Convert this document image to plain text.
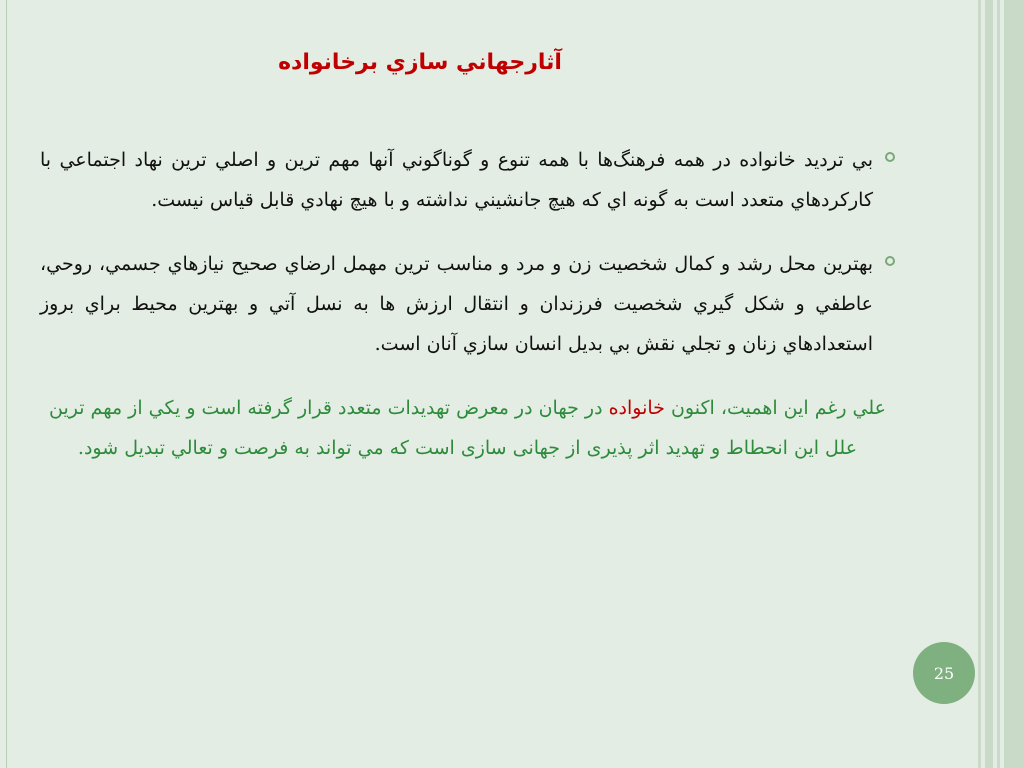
آثارجهاني سازي برخانواده

بي ترديد خانواده در همه فرهنگ‌ها با همه تنوع و گوناگوني آنها مهم ترين و اصلي ترين نهاد اجتماعي با كاركردهاي متعدد است به گونه اي كه هيچ جانشيني نداشته و با هيچ نهادي قابل قياس نيست.

بهترين محل رشد و كمال شخصيت زن و مرد و مناسب ترين مهمل ارضاي صحيح نيازهاي جسمي، روحي، عاطفي و شكل گيري شخصيت فرزندان و انتقال ارزش ها به نسل آتي و بهترين محيط براي بروز استعدادهاي زنان و تجلي نقش بي بديل انسان سازي آنان است.

علي رغم اين اهميت، اكنون خانواده در جهان در معرض تهديدات متعدد قرار گرفته است و يكي از مهم ترين علل اين انحطاط و تهديد اثر پذيرى از جهانى سازى است كه مي تواند به فرصت و تعالي تبديل شود.

25
